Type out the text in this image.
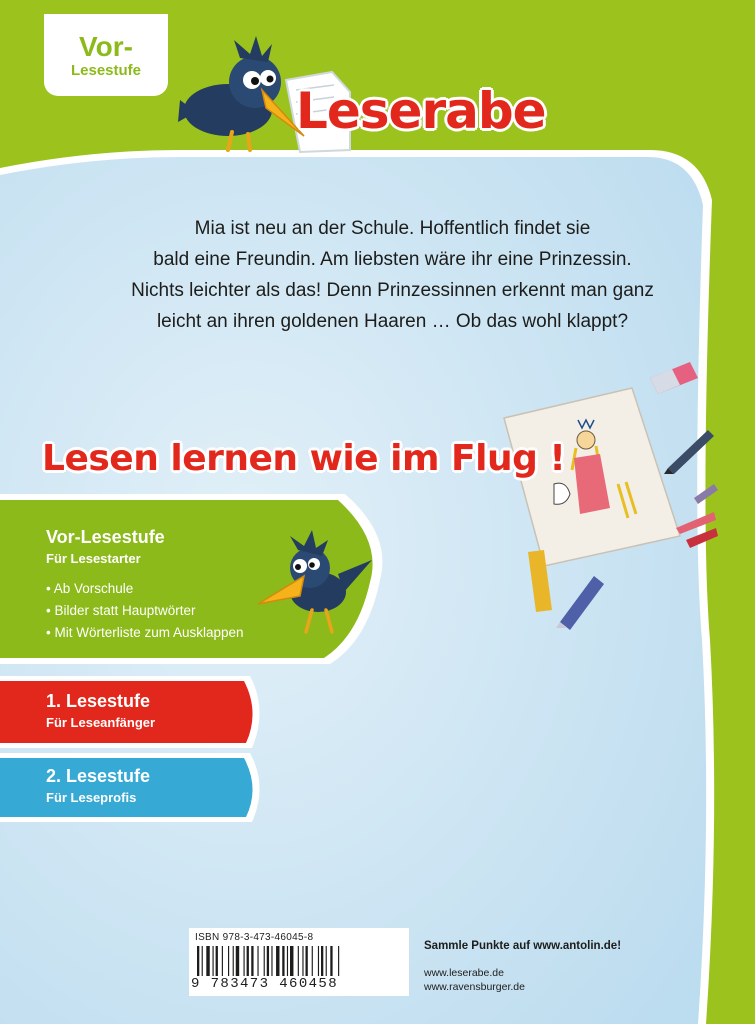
Vor-
Lesestufe
Leserabe

Mia ist neu an der Schule. Hoffentlich findet sie
bald eine Freundin. Am liebsten wäre ihr eine Prinzessin.
Nichts leichter als das! Denn Prinzessinnen erkennt man ganz
leicht an ihren goldenen Haaren … Ob das wohl klappt?

Lesen lernen wie im Flug !
Vor-Lesestufe
Für Lesestarter
• Ab Vorschule
• Bilder statt Hauptwörter
• Mit Wörterliste zum Ausklappen
1. Lesestufe
Für Leseanfänger
2. Lesestufe
Für Leseprofis
ISBN 978-3-473-46045-8
9 783473 460458
Sammle Punkte auf www.antolin.de!
www.leserabe.de
www.ravensburger.de
